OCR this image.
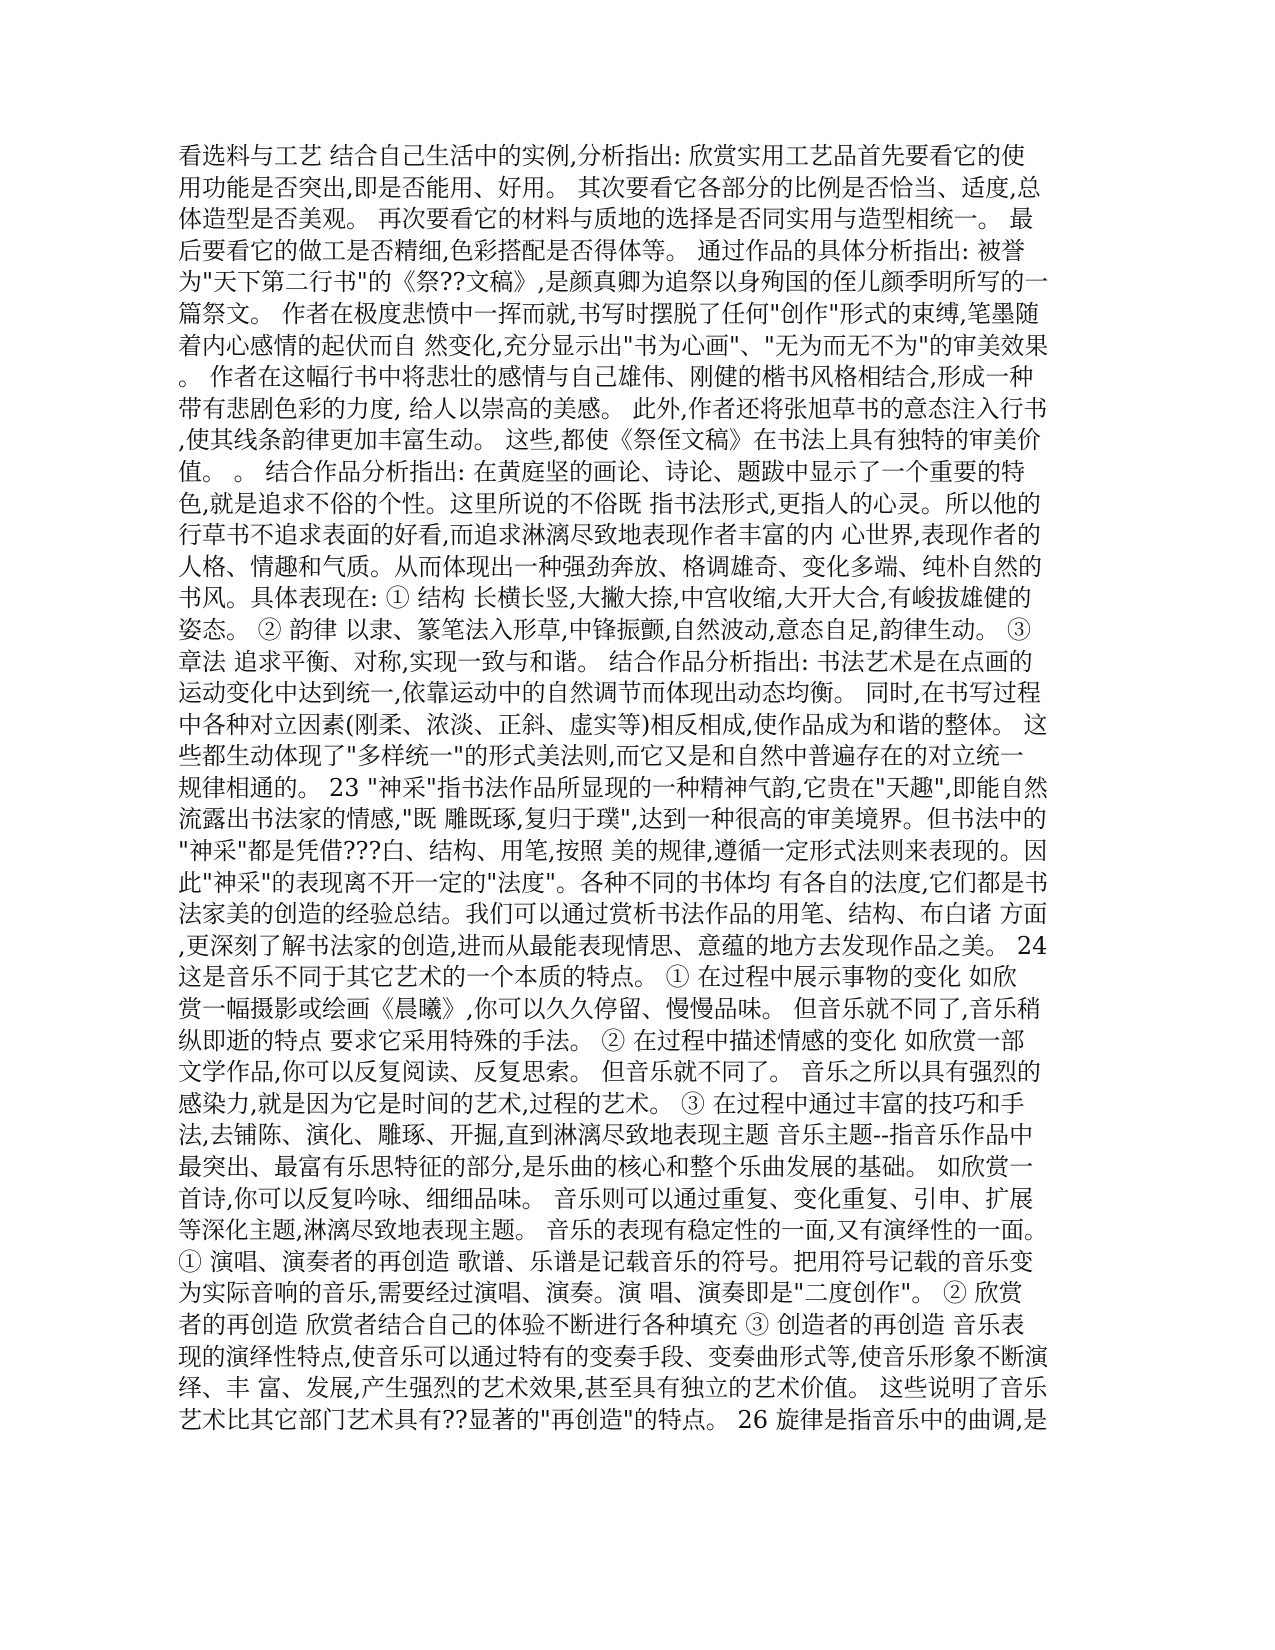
看选料与工艺 结合自己生活中的实例,分析指出: 欣赏实用工艺品首先要看它的使
用功能是否突出,即是否能用、好用。 其次要看它各部分的比例是否恰当、适度,总
体造型是否美观。 再次要看它的材料与质地的选择是否同实用与造型相统一。 最
后要看它的做工是否精细,色彩搭配是否得体等。 通过作品的具体分析指出: 被誉
为"天下第二行书"的《祭??文稿》,是颜真卿为追祭以身殉国的侄儿颜季明所写的一
篇祭文。 作者在极度悲愤中一挥而就,书写时摆脱了任何"创作"形式的束缚,笔墨随
着内心感情的起伏而自 然变化,充分显示出"书为心画"、"无为而无不为"的审美效果
。 作者在这幅行书中将悲壮的感情与自己雄伟、刚健的楷书风格相结合,形成一种
带有悲剧色彩的力度, 给人以崇高的美感。 此外,作者还将张旭草书的意态注入行书
,使其线条韵律更加丰富生动。 这些,都使《祭侄文稿》在书法上具有独特的审美价
值。 。 结合作品分析指出: 在黄庭坚的画论、诗论、题跋中显示了一个重要的特
色,就是追求不俗的个性。这里所说的不俗既 指书法形式,更指人的心灵。所以他的
行草书不追求表面的好看,而追求淋漓尽致地表现作者丰富的内 心世界,表现作者的
人格、情趣和气质。从而体现出一种强劲奔放、格调雄奇、变化多端、纯朴自然的
书风。具体表现在: ① 结构 长横长竖,大撇大捺,中宫收缩,大开大合,有峻拔雄健的
姿态。 ② 韵律 以隶、篆笔法入形草,中锋振颤,自然波动,意态自足,韵律生动。 ③
章法 追求平衡、对称,实现一致与和谐。 结合作品分析指出: 书法艺术是在点画的
运动变化中达到统一,依靠运动中的自然调节而体现出动态均衡。 同时,在书写过程
中各种对立因素(刚柔、浓淡、正斜、虚实等)相反相成,使作品成为和谐的整体。 这
些都生动体现了"多样统一"的形式美法则,而它又是和自然中普遍存在的对立统一
规律相通的。 23 "神采"指书法作品所显现的一种精神气韵,它贵在"天趣",即能自然
流露出书法家的情感,"既 雕既琢,复归于璞",达到一种很高的审美境界。但书法中的
"神采"都是凭借???白、结构、用笔,按照 美的规律,遵循一定形式法则来表现的。因
此"神采"的表现离不开一定的"法度"。各种不同的书体均 有各自的法度,它们都是书
法家美的创造的经验总结。我们可以通过赏析书法作品的用笔、结构、布白诸 方面
,更深刻了解书法家的创造,进而从最能表现情思、意蕴的地方去发现作品之美。 24
这是音乐不同于其它艺术的一个本质的特点。 ① 在过程中展示事物的变化 如欣
赏一幅摄影或绘画《晨曦》,你可以久久停留、慢慢品味。 但音乐就不同了,音乐稍
纵即逝的特点 要求它采用特殊的手法。 ② 在过程中描述情感的变化 如欣赏一部
文学作品,你可以反复阅读、反复思索。 但音乐就不同了。 音乐之所以具有强烈的
感染力,就是因为它是时间的艺术,过程的艺术。 ③ 在过程中通过丰富的技巧和手
法,去铺陈、演化、雕琢、开掘,直到淋漓尽致地表现主题 音乐主题--指音乐作品中
最突出、最富有乐思特征的部分,是乐曲的核心和整个乐曲发展的基础。 如欣赏一
首诗,你可以反复吟咏、细细品味。 音乐则可以通过重复、变化重复、引申、扩展
等深化主题,淋漓尽致地表现主题。 音乐的表现有稳定性的一面,又有演绎性的一面。
① 演唱、演奏者的再创造 歌谱、乐谱是记载音乐的符号。把用符号记载的音乐变
为实际音响的音乐,需要经过演唱、演奏。演 唱、演奏即是"二度创作"。 ② 欣赏
者的再创造 欣赏者结合自己的体验不断进行各种填充 ③ 创造者的再创造 音乐表
现的演绎性特点,使音乐可以通过特有的变奏手段、变奏曲形式等,使音乐形象不断演
绎、丰 富、发展,产生强烈的艺术效果,甚至具有独立的艺术价值。 这些说明了音乐
艺术比其它部门艺术具有??显著的"再创造"的特点。 26 旋律是指音乐中的曲调,是
